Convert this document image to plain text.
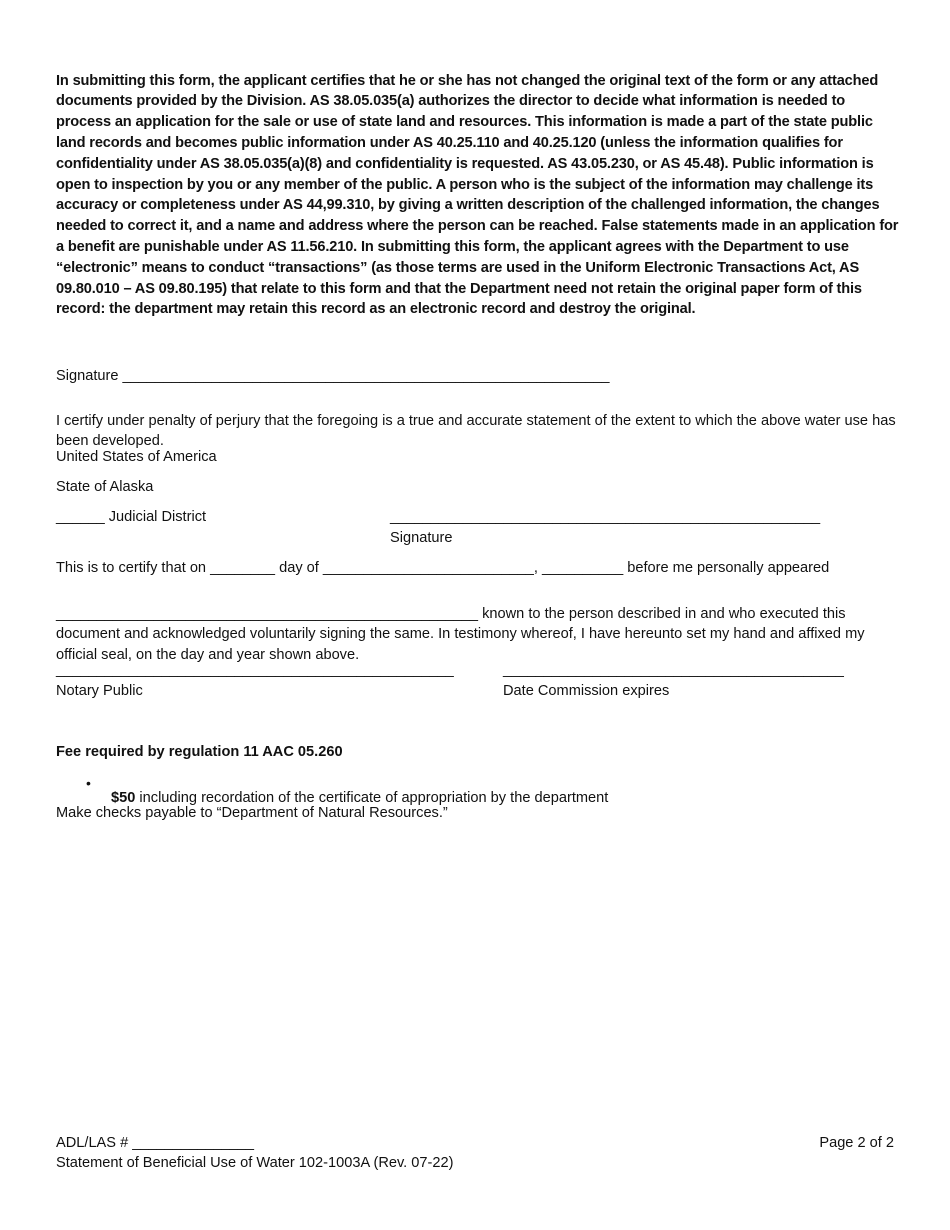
In submitting this form, the applicant certifies that he or she has not changed the original text of the form or any attached documents provided by the Division. AS 38.05.035(a) authorizes the director to decide what information is needed to process an application for the sale or use of state land and resources. This information is made a part of the state public land records and becomes public information under AS 40.25.110 and 40.25.120 (unless the information qualifies for confidentiality under AS 38.05.035(a)(8) and confidentiality is requested. AS 43.05.230, or AS 45.48). Public information is open to inspection by you or any member of the public. A person who is the subject of the information may challenge its accuracy or completeness under AS 44,99.310, by giving a written description of the challenged information, the changes needed to correct it, and a name and address where the person can be reached. False statements made in an application for a benefit are punishable under AS 11.56.210. In submitting this form, the applicant agrees with the Department to use “electronic” means to conduct “transactions” (as those terms are used in the Uniform Electronic Transactions Act, AS 09.80.010 – AS 09.80.195) that relate to this form and that the Department need not retain the original paper form of this record: the department may retain this record as an electronic record and destroy the original.

Signature ____________________________________________________________

I certify under penalty of perjury that the foregoing is a true and accurate statement of the extent to which the above water use has been developed.

United States of America

State of Alaska

______ Judicial District	_____________________________________________________

Signature

This is to certify that on ________ day of __________________________, __________ before me personally appeared

____________________________________________________ known to the person described in and who executed this document and acknowledged voluntarily signing the same. In testimony whereof, I have hereunto set my hand and affixed my official seal, on the day and year shown above.

_________________________________________________

Notary Public

__________________________________________

Date Commission expires

Fee required by regulation 11 AAC 05.260

•

$50 including recordation of the certificate of appropriation by the department

Make checks payable to “Department of Natural Resources.”

ADL/LAS # _______________	Page 2 of 2

Statement of Beneficial Use of Water 102-1003A (Rev. 07-22)
